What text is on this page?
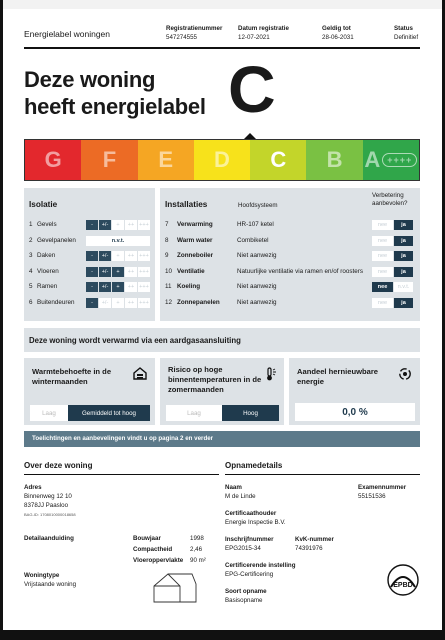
Energielabel woningen
Registratienummer
547274555
Datum registratie
12-07-2021
Geldig tot
28-06-2031
Status
Definitief
Deze woning
heeft energielabel C
G F E D C B A ++++
Isolatie
1 Gevels	-	+/-	+	++ +++
2 Gevelpanelen	n.v.t.
3 Daken	-	+/-	+	++ +++
4 Vloeren	-	+/-	+	++ +++
5 Ramen	-	+/-	+	++ +++
6 Buitendeuren	-	+/-	+	++ +++
Installaties	Hoofdsysteem
Verbetering aanbevolen?
7	Verwarming	HR-107 ketel	nee	ja
8	Warm water	Combiketel	nee	ja
9	Zonneboiler	Niet aanwezig	nee	ja
10 Ventilatie	Natuurlijke ventilatie via ramen en/of roosters	nee	ja
11 Koeling	Niet aanwezig	nee	n.v.t.
12 Zonnepanelen	Niet aanwezig	nee	ja
Deze woning wordt verwarmd via een aardgasaansluiting
Warmtebehoefte in de wintermaanden
Laag	Gemiddeld tot hoog
Risico op hoge binnentemperaturen in de zomermaanden
Laag	Hoog
Aandeel hernieuwbare energie
0,0 %
Toelichtingen en aanbevelingen vindt u op pagina 2 en verder
Over deze woning
Adres
Binnenweg 12 10
8378JJ Paasloo
BAG-ID: 1708010000018658
Detailaanduiding	Bouwjaar	1998
Compactheid	2,46
Vloeroppervlakte 90 m²
Woningtype
Vrijstaande woning
Opnamedetails
Naam
M de Linde
Examennummer
55151536
Certificaathouder
Energie Inspectie B.V.
Inschrijfnummer
EPG2015-34
KvK-nummer
74391976
Certificerende instelling
EPG-Certificering
Soort opname
Basisopname
EPBD
